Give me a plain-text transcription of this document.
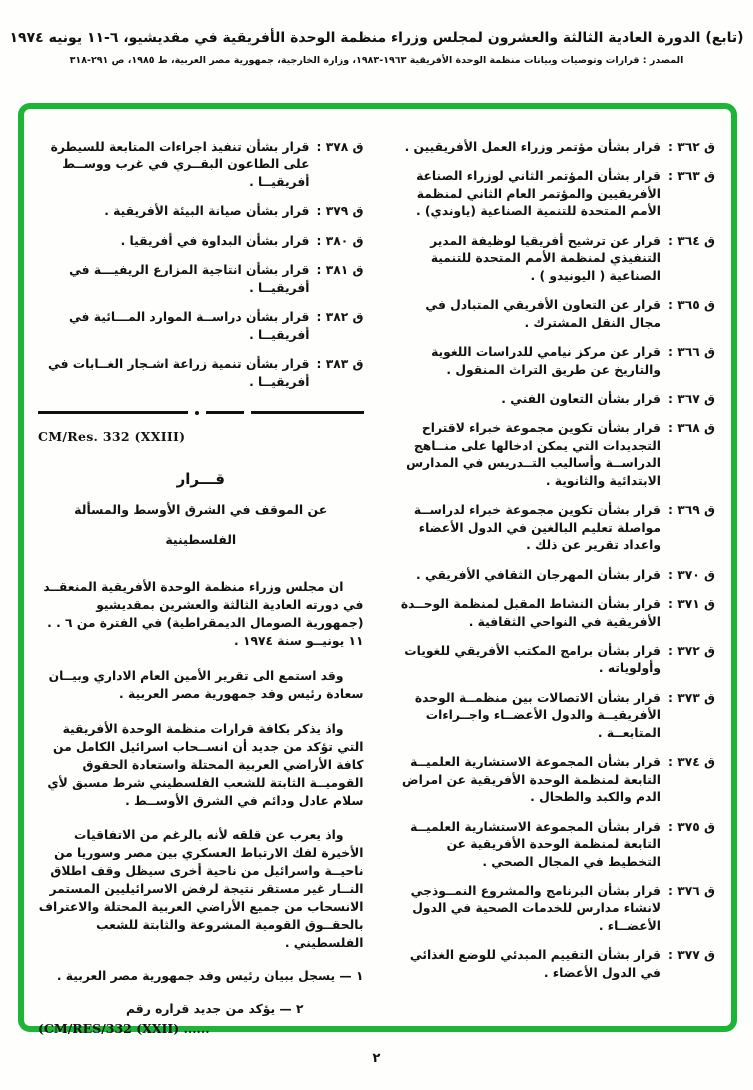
(تابع) الدورة العادية الثالثة والعشرون لمجلس وزراء منظمة الوحدة الأفريقية في مقديشيو، ٦-١١ يونيه ١٩٧٤
المصدر : قرارات وتوصيات وبيانات منظمة الوحدة الأفريقية ١٩٦٣-١٩٨٣، وزارة الخارجية، جمهورية مصر العربية، ط ١٩٨٥، ص ٢٩١-٣١٨
ق ٣٦٢ :
قرار بشأن مؤتمر وزراء العمل الأفريقيين .
ق ٣٦٣ :
قرار بشأن المؤتمر الثاني لوزراء الصناعة الأفريقيين والمؤتمر العام الثاني لمنظمة الأمم المتحدة للتنمية الصناعية (ياوندي) .
ق ٣٦٤ :
قرار عن ترشيح أفريقيا لوظيفة المدير التنفيذي لمنظمة الأمم المتحدة للتنمية الصناعية ( اليونيدو ) .
ق ٣٦٥ :
قرار عن التعاون الأفريقي المتبادل في مجال النقل المشترك .
ق ٣٦٦ :
قرار عن مركز نيامي للدراسات اللغوية والتاريخ عن طريق التراث المنقول .
ق ٣٦٧ :
قرار بشأن التعاون الفني .
ق ٣٦٨ :
قرار بشأن تكوين مجموعة خبراء لاقتراح التجديدات التي يمكن ادخالها على منــاهج الدراســة وأساليب التــدريس في المدارس الابتدائية والثانوية .
ق ٣٦٩ :
قرار بشأن تكوين مجموعة خبراء لدراســة مواصلة تعليم البالغين في الدول الأعضاء واعداد تقرير عن ذلك .
ق ٣٧٠ :
قرار بشأن المهرجان الثقافي الأفريقي .
ق ٣٧١ :
قرار بشأن النشاط المقبل لمنظمة الوحــدة الأفريقية في النواحي الثقافية .
ق ٣٧٢ :
قرار بشأن برامج المكتب الأفريقي للغويات وأولوياته .
ق ٣٧٣ :
قرار بشأن الاتصالات بين منظمــة الوحدة الأفريقيــة والدول الأعضــاء واجــراءات المتابعــة .
ق ٣٧٤ :
قرار بشأن المجموعة الاستشارية العلميــة التابعة لمنظمة الوحدة الأفريقية عن امراض الدم والكبد والطحال .
ق ٣٧٥ :
قرار بشأن المجموعة الاستشارية العلميــة التابعة لمنظمة الوحدة الأفريقية عن التخطيط في المجال الصحي .
ق ٣٧٦ :
قرار بشأن البرنامج والمشروع النمــوذجي لانشاء مدارس للخدمات الصحية في الدول الأعضــاء .
ق ٣٧٧ :
قرار بشأن التقييم المبدئي للوضع الغذائي في الدول الأعضاء .
ق ٣٧٨ :
قرار بشأن تنفيذ اجراءات المتابعة للسيطرة على الطاعون البقــري في غرب ووســط أفريقيــا .
ق ٣٧٩ :
قرار بشأن صيانة البيئة الأفريقية .
ق ٣٨٠ :
قرار بشأن البداوة في أفريقيا .
ق ٣٨١ :
قرار بشأن انتاجية المزارع الريفيـــة في أفريقيــا .
ق ٣٨٢ :
قرار بشأن دراســة الموارد المـــائية في أفريقيــا .
ق ٣٨٣ :
قرار بشأن تنمية زراعة اشـجار الغــابات في أفريقيــا .
CM/Res. 332 (XXIII)
قـــرار
عن الموقف في الشرق الأوسط والمسألة
الفلسطينية
ان مجلس وزراء منظمة الوحدة الأفريقية المنعقــد في دورته العادية الثالثة والعشرين بمقديشيو (جمهورية الصومال الديمقراطية) في الفترة من ٦ . . ١١ يونيــو سنة ١٩٧٤ .
وقد استمع الى تقرير الأمين العام الاداري وبيــان سعادة رئيس وفد جمهورية مصر العربية .
واذ يذكر بكافة قرارات منظمة الوحدة الأفريقية التي تؤكد من جديد أن انســحاب اسرائيل الكامل من كافة الأراضي العربية المحتلة واستعادة الحقوق القوميــة الثابتة للشعب الفلسطيني شرط مسبق لأي سلام عادل ودائم في الشرق الأوســط .
واذ يعرب عن قلقه لأنه بالرغم من الاتفاقيات الأخيرة لفك الارتباط العسكري بين مصر وسوريا من ناحيــة واسرائيل من ناحية أخرى سيظل وقف اطلاق النــار غير مستقر نتيجة لرفض الاسرائيليين المستمر الانسحاب من جميع الأراضي العربية المحتلة والاعتراف بالحقــوق القومية المشروعة والثابتة للشعب الفلسطيني .
١ — يسجل ببيان رئيس وفد جمهورية مصر العربية .
٢ — يؤكد من جديد قراره رقم
(CM/RES/332 (XXII) ......
٢
